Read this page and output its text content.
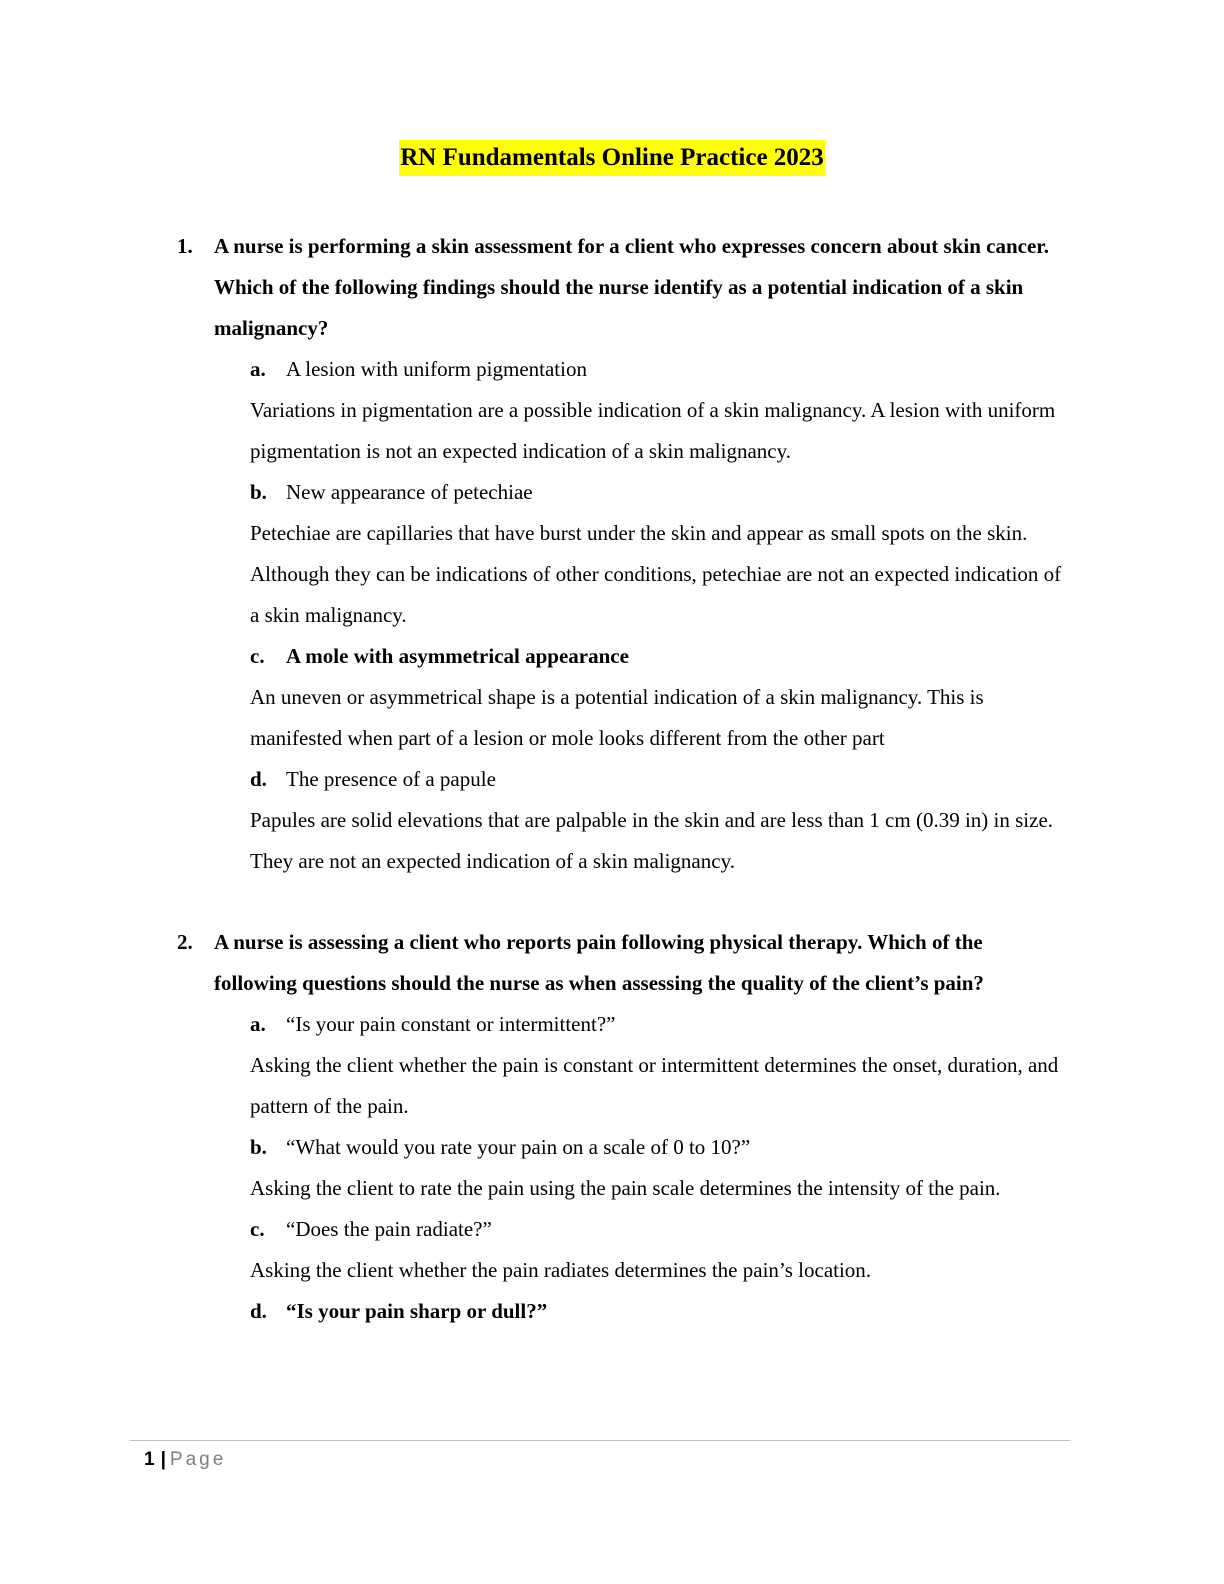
RN Fundamentals Online Practice 2023
1. A nurse is performing a skin assessment for a client who expresses concern about skin cancer. Which of the following findings should the nurse identify as a potential indication of a skin malignancy?
a. A lesion with uniform pigmentation
Variations in pigmentation are a possible indication of a skin malignancy. A lesion with uniform pigmentation is not an expected indication of a skin malignancy.
b. New appearance of petechiae
Petechiae are capillaries that have burst under the skin and appear as small spots on the skin. Although they can be indications of other conditions, petechiae are not an expected indication of a skin malignancy.
c. A mole with asymmetrical appearance
An uneven or asymmetrical shape is a potential indication of a skin malignancy. This is manifested when part of a lesion or mole looks different from the other part
d. The presence of a papule
Papules are solid elevations that are palpable in the skin and are less than 1 cm (0.39 in) in size. They are not an expected indication of a skin malignancy.
2. A nurse is assessing a client who reports pain following physical therapy. Which of the following questions should the nurse as when assessing the quality of the client’s pain?
a. “Is your pain constant or intermittent?”
Asking the client whether the pain is constant or intermittent determines the onset, duration, and pattern of the pain.
b. “What would you rate your pain on a scale of 0 to 10?”
Asking the client to rate the pain using the pain scale determines the intensity of the pain.
c. “Does the pain radiate?”
Asking the client whether the pain radiates determines the pain’s location.
d. “Is your pain sharp or dull?”
1 | Page
